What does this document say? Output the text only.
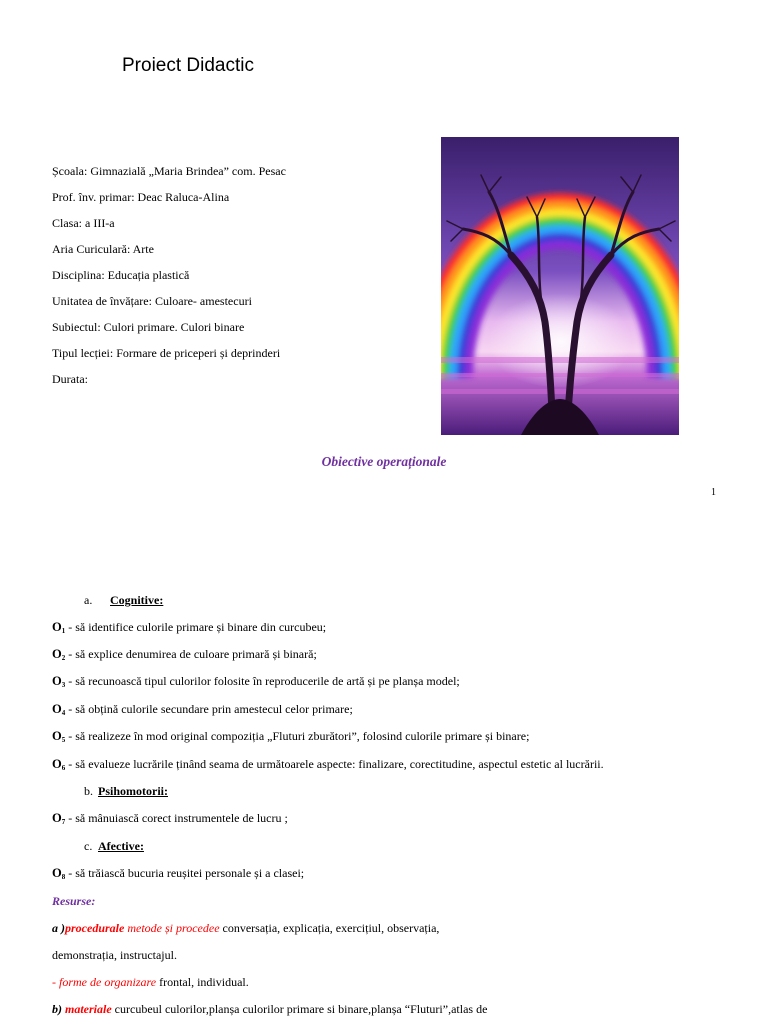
Proiect Didactic
Școala: Gimnazială „Maria Brindea” com. Pesac
Prof. înv. primar: Deac Raluca-Alina
Clasa: a III-a
Aria Curiculară: Arte
Disciplina: Educația plastică
Unitatea de învățare: Culoare- amestecuri
Subiectul: Culori primare. Culori binare
Tipul lecției: Formare de priceperi și deprinderi
Durata:
Obiective operaționale
1
a. Cognitive:
$O_1$ - să identifice culorile primare și binare din curcubeu;
$O_2$ - să explice denumirea de culoare primară și binară;
$O_3$ - să recunoască tipul culorilor folosite în reproducerile de artă și pe planșa model;
$O_4$ - să obțină culorile secundare prin amestecul celor primare;
$O_5$ - să realizeze în mod original compoziția „Fluturi zburători”, folosind culorile primare și binare;
$O_6$ - să evalueze lucrările ținând seama de următoarele aspecte: finalizare, corectitudine, aspectul estetic al lucrării.
b. Psihomotorii:
$O_7$ - să mânuiască corect instrumentele de lucru ;
c. Afective:
$O_8$ - să trăiască bucuria reușitei personale și a clasei;
Resurse:
a )procedurale metode și procedee conversația, explicația, exercițiul, observația,
demonstrația, instructajul.
- forme de organizare frontal, individual.
b) materiale curcubeul culorilor,planșa culorilor primare si binare,planșa “Fluturi”,atlas de
